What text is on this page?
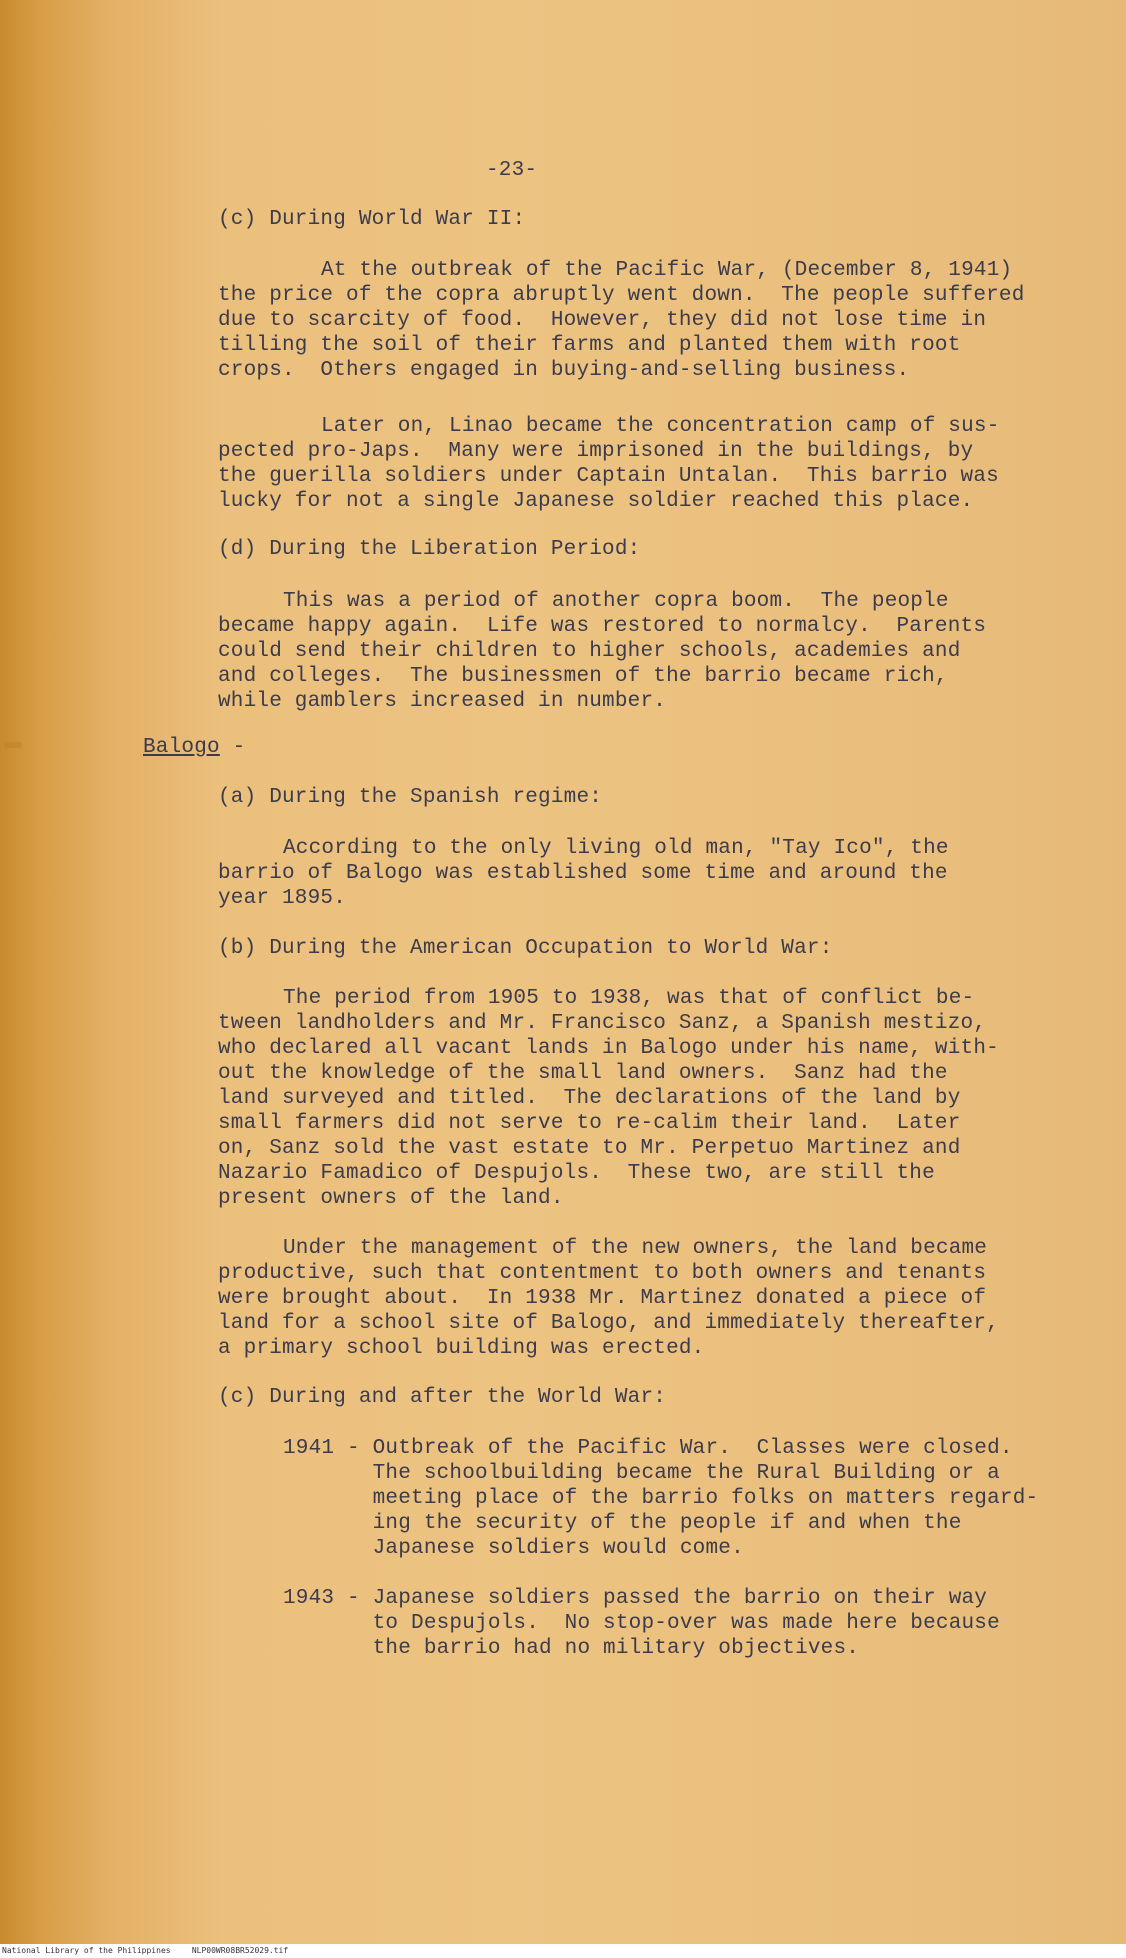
-23-
(c) During World War II:
At the outbreak of the Pacific War, (December 8, 1941)
the price of the copra abruptly went down.  The people suffered
due to scarcity of food.  However, they did not lose time in
tilling the soil of their farms and planted them with root
crops.  Others engaged in buying-and-selling business.
Later on, Linao became the concentration camp of sus-
pected pro-Japs.  Many were imprisoned in the buildings, by
the guerilla soldiers under Captain Untalan.  This barrio was
lucky for not a single Japanese soldier reached this place.
(d) During the Liberation Period:
This was a period of another copra boom.  The people
became happy again.  Life was restored to normalcy.  Parents
could send their children to higher schools, academies and
and colleges.  The businessmen of the barrio became rich,
while gamblers increased in number.
Balogo -
(a) During the Spanish regime:
According to the only living old man, "Tay Ico", the
barrio of Balogo was established some time and around the
year 1895.
(b) During the American Occupation to World War:
The period from 1905 to 1938, was that of conflict be-
tween landholders and Mr. Francisco Sanz, a Spanish mestizo,
who declared all vacant lands in Balogo under his name, with-
out the knowledge of the small land owners.  Sanz had the
land surveyed and titled.  The declarations of the land by
small farmers did not serve to re-calim their land.  Later
on, Sanz sold the vast estate to Mr. Perpetuo Martinez and
Nazario Famadico of Despujols.  These two, are still the
present owners of the land.
Under the management of the new owners, the land became
productive, such that contentment to both owners and tenants
were brought about.  In 1938 Mr. Martinez donated a piece of
land for a school site of Balogo, and immediately thereafter,
a primary school building was erected.
(c) During and after the World War:
1941 - Outbreak of the Pacific War.  Classes were closed.
The schoolbuilding became the Rural Building or a
meeting place of the barrio folks on matters regard-
ing the security of the people if and when the
Japanese soldiers would come.
1943 - Japanese soldiers passed the barrio on their way
to Despujols.  No stop-over was made here because
the barrio had no military objectives.
National Library of the Philippines	NLP00WR08BR52029.tif
